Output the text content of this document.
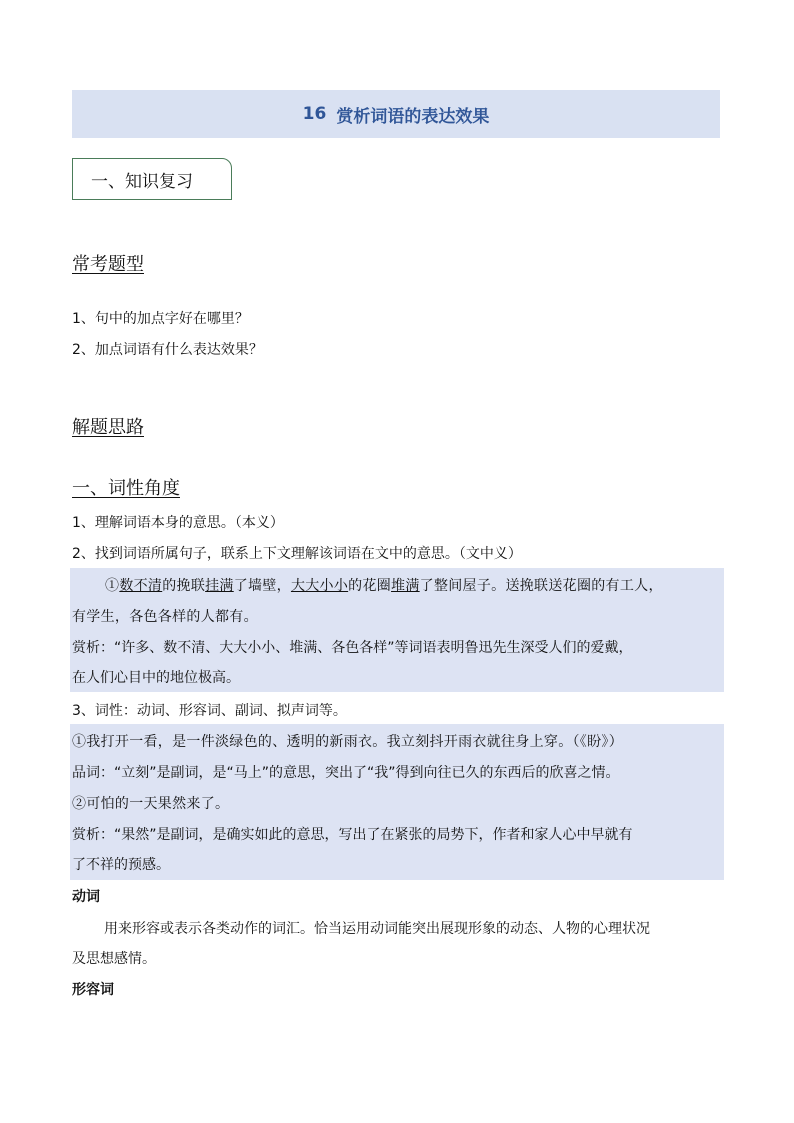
16 赏析词语的表达效果
一、知识复习
常考题型
1、句中的加点字好在哪里？
2、加点词语有什么表达效果？
解题思路
一、词性角度
1、理解词语本身的意思。（本义）
2、找到词语所属句子，联系上下文理解该词语在文中的意思。（文中义）
①数不清的挽联挂满了墙壁，大大小小的花圈堆满了整间屋子。送挽联送花圈的有工人，
有学生，各色各样的人都有。
赏析：“许多、数不清、大大小小、堆满、各色各样”等词语表明鲁迅先生深受人们的爱戴，
在人们心目中的地位极高。
3、词性：动词、形容词、副词、拟声词等。
①我打开一看，是一件淡绿色的、透明的新雨衣。我立刻抖开雨衣就往身上穿。（《盼》）
品词：“立刻”是副词，是“马上”的意思，突出了“我”得到向往已久的东西后的欣喜之情。
②可怕的一天果然来了。
赏析：“果然”是副词，是确实如此的意思，写出了在紧张的局势下，作者和家人心中早就有
了不祥的预感。
动词
用来形容或表示各类动作的词汇。恰当运用动词能突出展现形象的动态、人物的心理状况
及思想感情。
形容词
